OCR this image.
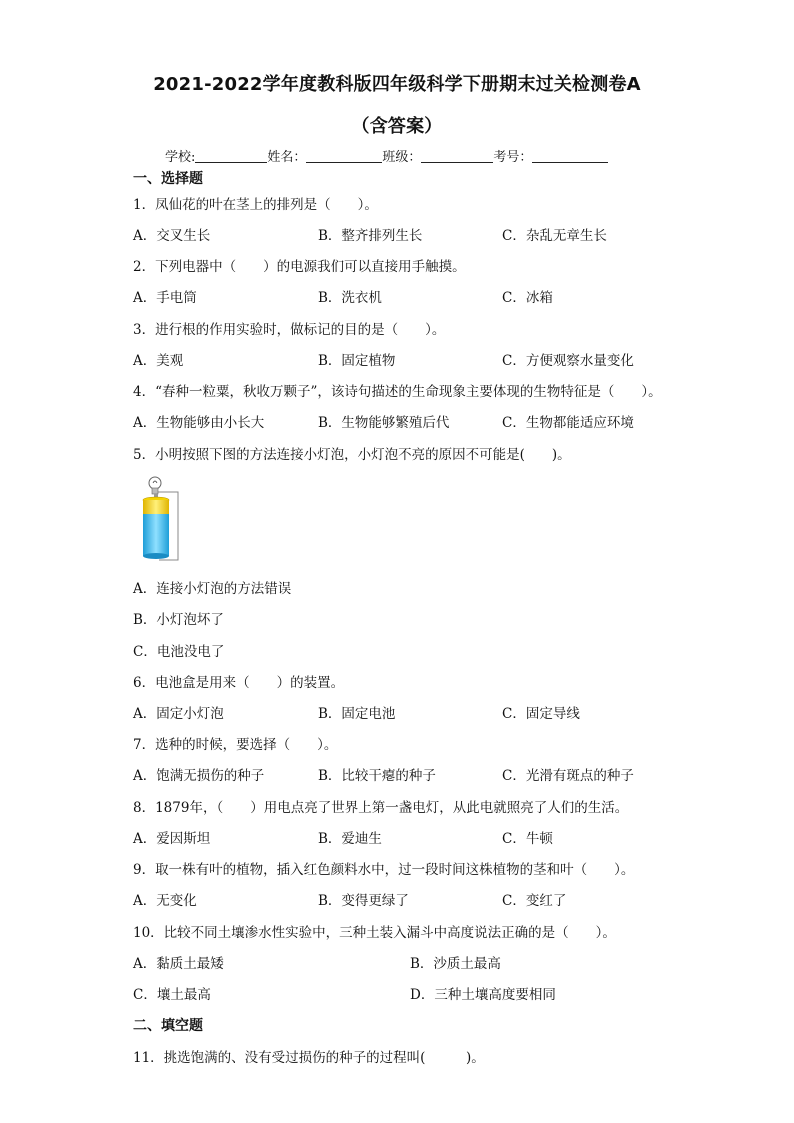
2021-2022学年度教科版四年级科学下册期末过关检测卷A
（含答案）
学校:	姓名：	班级：	考号：
一、选择题
1．凤仙花的叶在茎上的排列是（　　）。
A．交叉生长	B．整齐排列生长	C．杂乱无章生长
2．下列电器中（　　）的电源我们可以直接用手触摸。
A．手电筒	B．洗衣机	C．冰箱
3．进行根的作用实验时，做标记的目的是（　　）。
A．美观	B．固定植物	C．方便观察水量变化
4．“春种一粒粟，秋收万颗子”，该诗句描述的生命现象主要体现的生物特征是（　　）。
A．生物能够由小长大	B．生物能够繁殖后代	C．生物都能适应环境
5．小明按照下图的方法连接小灯泡，小灯泡不亮的原因不可能是(　　)。
A．连接小灯泡的方法错误
B．小灯泡坏了
C．电池没电了
6．电池盒是用来（　　）的装置。
A．固定小灯泡	B．固定电池	C．固定导线
7．选种的时候，要选择（　　）。
A．饱满无损伤的种子	B．比较干瘪的种子	C．光滑有斑点的种子
8．1879年，（　　）用电点亮了世界上第一盏电灯，从此电就照亮了人们的生活。
A．爱因斯坦	B．爱迪生	C．牛顿
9．取一株有叶的植物，插入红色颜料水中，过一段时间这株植物的茎和叶（　　）。
A．无变化	B．变得更绿了	C．变红了
10．比较不同土壤渗水性实验中，三种土装入漏斗中高度说法正确的是（　　）。
A．黏质土最矮	B．沙质土最高
C．壤土最高	D．三种土壤高度要相同
二、填空题
11．挑选饱满的、没有受过损伤的种子的过程叫(　　　)。
